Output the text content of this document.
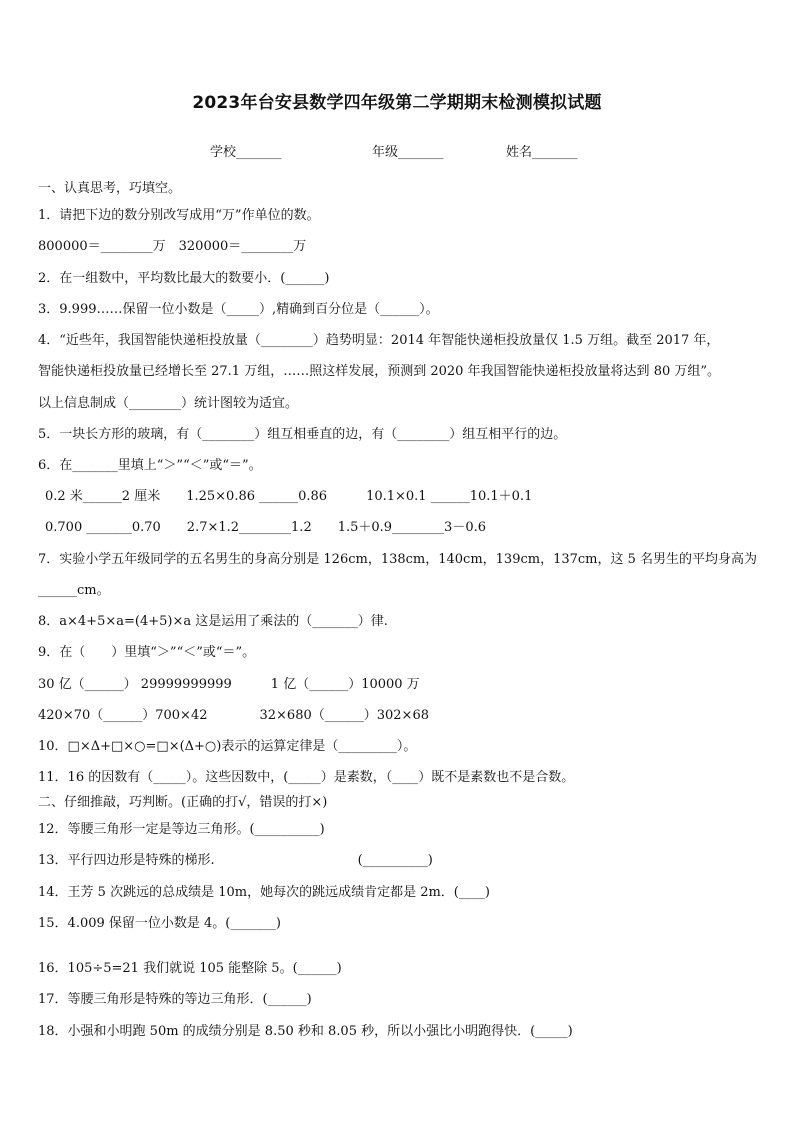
2023年台安县数学四年级第二学期期末检测模拟试题
学校_______	年级_______	姓名_______
一、认真思考，巧填空。
1．请把下边的数分别改写成用“万”作单位的数。
800000＝________万　320000＝________万
2．在一组数中，平均数比最大的数要小．(______)
3．9.999……保留一位小数是（_____）,精确到百分位是（______）。
4．“近些年，我国智能快递柜投放量（________）趋势明显：2014 年智能快递柜投放量仅 1.5 万组。截至 2017 年，
智能快递柜投放量已经增长至 27.1 万组，……照这样发展，预测到 2020 年我国智能快递柜投放量将达到 80 万组”。
以上信息制成（________）统计图较为适宜。
5．一块长方形的玻璃，有（________）组互相垂直的边，有（________）组互相平行的边。
6．在_______里填上“＞”“＜”或“＝”。
0.2 米______2 厘米　　1.25×0.86 ______0.86　　　10.1×0.1 ______10.1＋0.1
0.700 _______0.70　　2.7×1.2________1.2　　1.5＋0.9________3－0.6
7．实验小学五年级同学的五名男生的身高分别是 126cm，138cm，140cm，139cm，137cm，这 5 名男生的平均身高为
______cm。
8．a×4+5×a=(4+5)×a 这是运用了乘法的（_______）律.
9．在（　　）里填“＞”“＜”或“＝”。
30 亿（______） 29999999999　　　1 亿（______）10000 万
420×70（______）700×42　　　　32×680（______）302×68
10．□×Δ+□×○=□×(Δ+○)表示的运算定律是（_________）。
11．16 的因数有（_____）。这些因数中，(_____）是素数，（____）既不是素数也不是合数。
二、仔细推敲，巧判断。(正确的打√，错误的打×)
12．等腰三角形一定是等边三角形。(__________)
13．平行四边形是特殊的梯形.　　　　　　　　　　　(__________)
14．王芳 5 次跳远的总成绩是 10m，她每次的跳远成绩肯定都是 2m．(____)
15．4.009 保留一位小数是 4。(_______)
16．105÷5=21 我们就说 105 能整除 5。(______)
17．等腰三角形是特殊的等边三角形．(______)
18．小强和小明跑 50m 的成绩分别是 8.50 秒和 8.05 秒，所以小强比小明跑得快．(_____)
